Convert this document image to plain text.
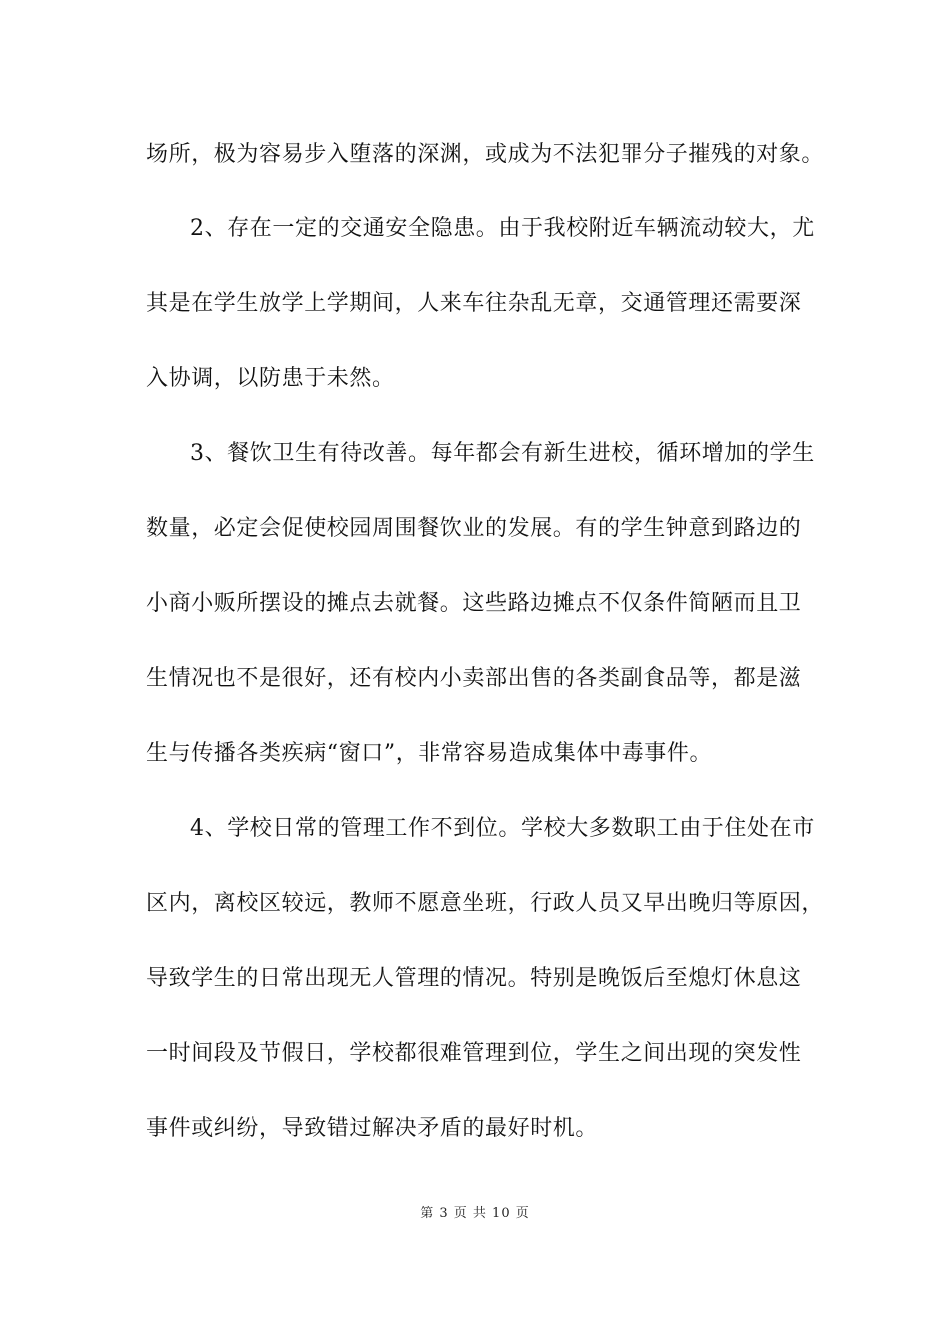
场所，极为容易步入堕落的深渊，或成为不法犯罪分子摧残的对象。
2、存在一定的交通安全隐患。由于我校附近车辆流动较大，尤
其是在学生放学上学期间，人来车往杂乱无章，交通管理还需要深
入协调，以防患于未然。
3、餐饮卫生有待改善。每年都会有新生进校，循环增加的学生
数量，必定会促使校园周围餐饮业的发展。有的学生钟意到路边的
小商小贩所摆设的摊点去就餐。这些路边摊点不仅条件简陋而且卫
生情况也不是很好，还有校内小卖部出售的各类副食品等，都是滋
生与传播各类疾病“窗口”，非常容易造成集体中毒事件。
4、学校日常的管理工作不到位。学校大多数职工由于住处在市
区内，离校区较远，教师不愿意坐班，行政人员又早出晚归等原因，
导致学生的日常出现无人管理的情况。特别是晚饭后至熄灯休息这
一时间段及节假日，学校都很难管理到位，学生之间出现的突发性
事件或纠纷，导致错过解决矛盾的最好时机。
第 3 页 共 10 页
